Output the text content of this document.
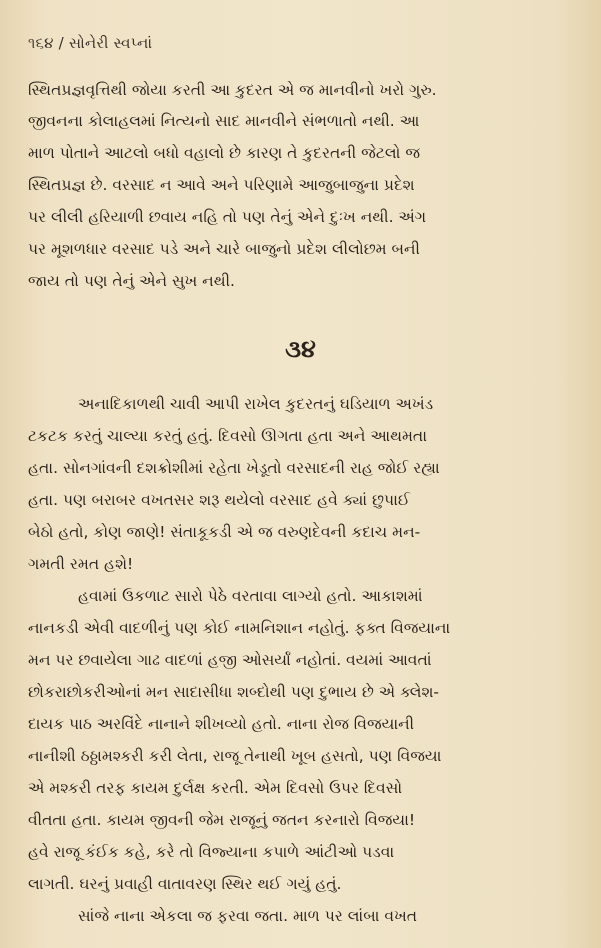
૧૬૪ / સોનેરી સ્વપ્નાં
સ્થિતપ્રજ્ઞવૃત્તિથી જોયા કરતી આ કુદરત એ જ માનવીનો ખરો ગુરુ.
જીવનના કોલાહલમાં નિત્યનો સાદ માનવીને સંભળાતો નથી. આ
માળ પોતાને આટલો બધો વહાલો છે કારણ તે કુદરતની જેટલો જ
સ્થિતપ્રજ્ઞ છે. વરસાદ ન આવે અને પરિણામે આજુબાજુના પ્રદેશ
પર લીલી હરિયાળી છવાય નહિ તો પણ તેનું એને દુઃખ નથી. અંગ
પર મૂશળધાર વરસાદ પડે અને ચારે બાજુનો પ્રદેશ લીલોછમ બની
જાય તો પણ તેનું એને સુખ નથી.
૩૪
અનાદિકાળથી ચાવી આપી રાખેલ કુદરતનું ઘડિયાળ અખંડ
ટકટક કરતું ચાલ્યા કરતું હતું. દિવસો ઊગતા હતા અને આથમતા
હતા. સોનગાંવની દશક્રોશીમાં રહેતા ખેડૂતો વરસાદની રાહ જોઈ રહ્યા
હતા. પણ બરાબર વખતસર શરૂ થયેલો વરસાદ હવે ક્યાં છુપાઈ
બેઠો હતો, કોણ જાણે! સંતાકૂકડી એ જ વરુણદેવની કદાચ મન-
ગમતી રમત હશે!
હવામાં ઉકળાટ સારો પેઠે વરતાવા લાગ્યો હતો. આકાશમાં
નાનકડી એવી વાદળીનું પણ કોઈ નામનિશાન નહોતું. ફક્ત વિજયાના
મન પર છવાયેલા ગાઢ વાદળાં હજી ઓસર્યાં નહોતાં. વયમાં આવતાં
છોકરાછોકરીઓનાં મન સાદાસીધા શબ્દોથી પણ દુભાય છે એ ક્લેશ-
દાયક પાઠ અરવિંદે નાનાને શીખવ્યો હતો. નાના રોજ વિજયાની
નાનીશી ઠઠ્ઠામશ્કરી કરી લેતા, રાજૂ તેનાથી ખૂબ હસતો, પણ વિજયા
એ મશ્કરી તરફ કાયમ દુર્લક્ષ કરતી. એમ દિવસો ઉપર દિવસો
વીતતા હતા. કાયમ જીવની જેમ રાજૂનું જતન કરનારો વિજયા!
હવે રાજૂ કંઈક કહે, કરે તો વિજ્યાના કપાળે આંટીઓ પડવા
લાગતી. ઘરનું પ્રવાહી વાતાવરણ સ્થિર થઈ ગયું હતું.
સાંજે નાના એકલા જ ફરવા જતા. માળ પર લાંબા વખત
